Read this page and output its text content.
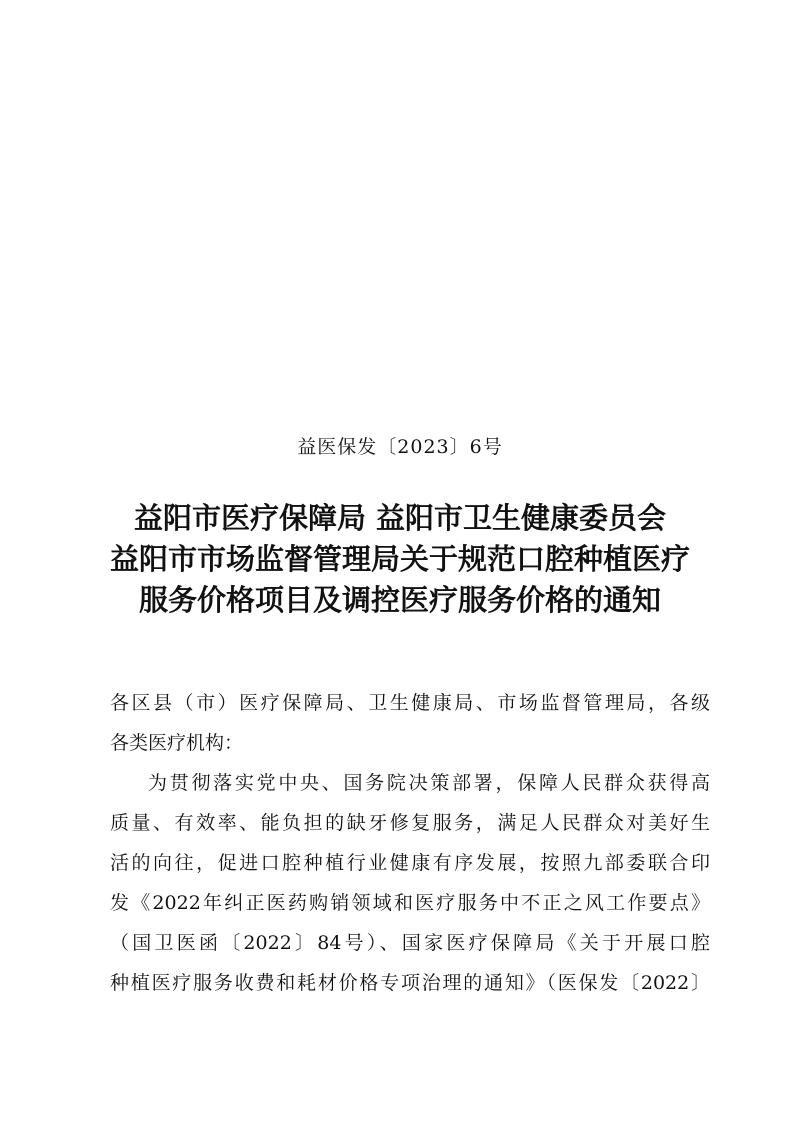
益医保发〔2023〕6号
益阳市医疗保障局 益阳市卫生健康委员会
益阳市市场监督管理局关于规范口腔种植医疗
服务价格项目及调控医疗服务价格的通知
各区县（市）医疗保障局、卫生健康局、市场监督管理局，各级
各类医疗机构：
为贯彻落实党中央、国务院决策部署，保障人民群众获得高
质量、有效率、能负担的缺牙修复服务，满足人民群众对美好生
活的向往，促进口腔种植行业健康有序发展，按照九部委联合印
发《2022年纠正医药购销领域和医疗服务中不正之风工作要点》
（国卫医函〔2022〕84号）、国家医疗保障局《关于开展口腔
种植医疗服务收费和耗材价格专项治理的通知》（医保发〔2022〕
